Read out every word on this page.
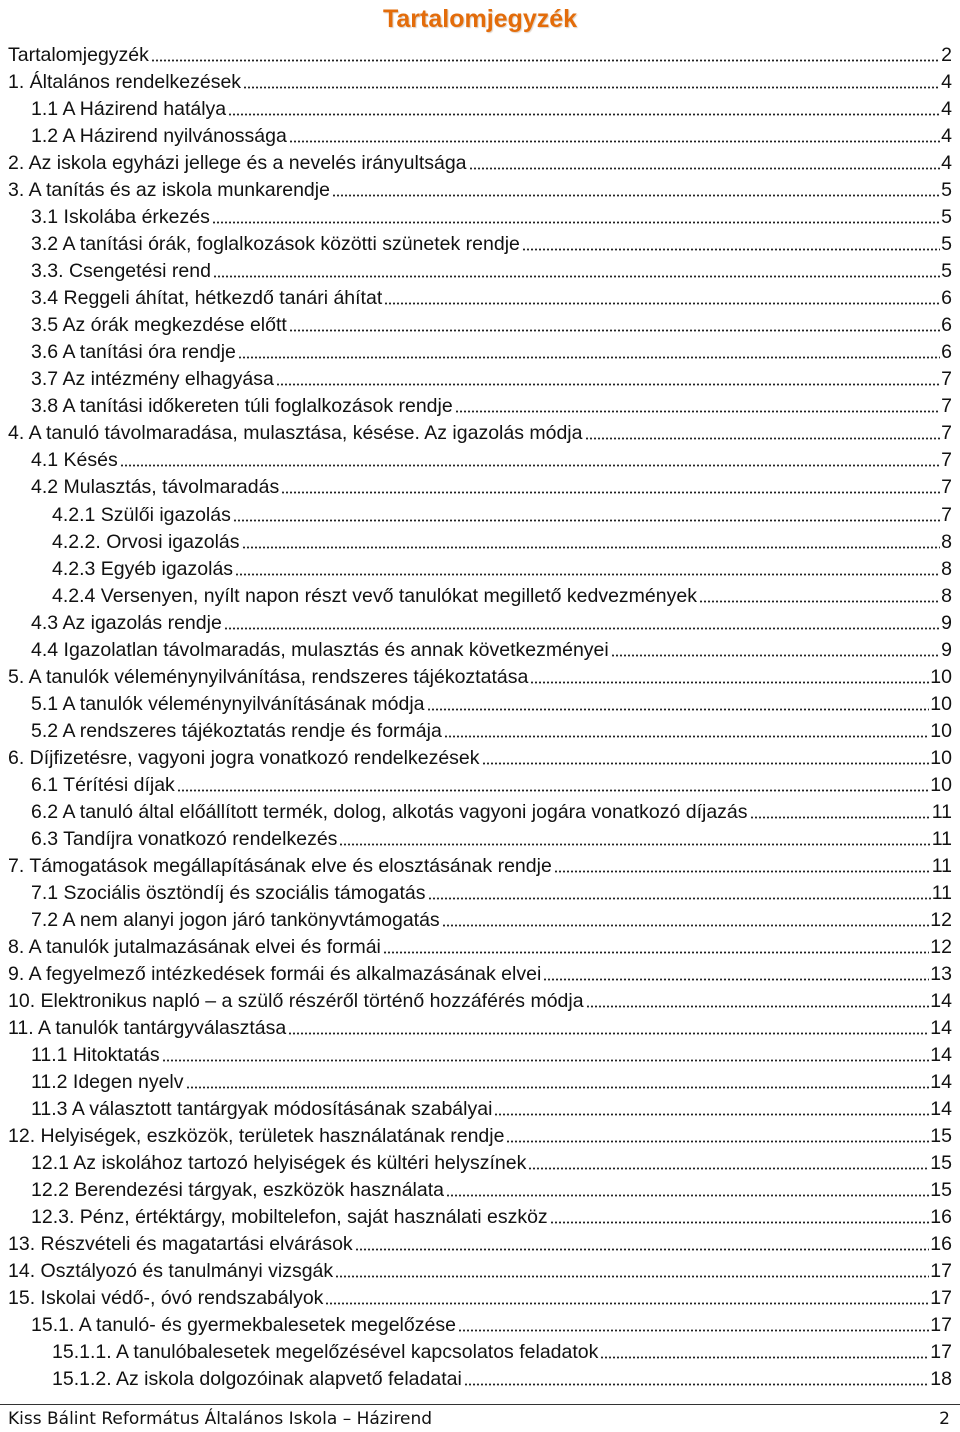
Tartalomjegyzék
Tartalomjegyzék	2
1. Általános rendelkezések	4
1.1 A Házirend hatálya	4
1.2 A Házirend nyilvánossága	4
2. Az iskola egyházi jellege és a nevelés irányultsága	4
3. A tanítás és az iskola munkarendje	5
3.1 Iskolába érkezés	5
3.2 A tanítási órák, foglalkozások közötti szünetek rendje	5
3.3. Csengetési rend	5
3.4 Reggeli áhítat, hétkezdő tanári áhítat	6
3.5 Az órák megkezdése előtt	6
3.6 A tanítási óra rendje	6
3.7 Az intézmény elhagyása	7
3.8 A tanítási időkereten túli foglalkozások rendje	7
4. A tanuló távolmaradása, mulasztása, késése. Az igazolás módja	7
4.1 Késés	7
4.2 Mulasztás, távolmaradás	7
4.2.1 Szülői igazolás	7
4.2.2. Orvosi igazolás	8
4.2.3 Egyéb igazolás	8
4.2.4 Versenyen, nyílt napon részt vevő tanulókat megillető kedvezmények	8
4.3 Az igazolás rendje	9
4.4 Igazolatlan távolmaradás, mulasztás és annak következményei	9
5. A tanulók véleménynyilvánítása, rendszeres tájékoztatása	10
5.1 A tanulók véleménynyilvánításának módja	10
5.2 A rendszeres tájékoztatás rendje és formája	10
6. Díjfizetésre, vagyoni jogra vonatkozó rendelkezések	10
6.1 Térítési díjak	10
6.2 A tanuló által előállított termék, dolog, alkotás vagyoni jogára vonatkozó díjazás	11
6.3 Tandíjra vonatkozó rendelkezés	11
7. Támogatások megállapításának elve és elosztásának rendje	11
7.1 Szociális ösztöndíj és szociális támogatás	11
7.2 A nem alanyi jogon járó tankönyvtámogatás	12
8. A tanulók jutalmazásának elvei és formái	12
9. A fegyelmező intézkedések formái és alkalmazásának elvei	13
10. Elektronikus napló – a szülő részéről történő hozzáférés módja	14
11. A tanulók tantárgyválasztása	14
11.1 Hitoktatás	14
11.2 Idegen nyelv	14
11.3 A választott tantárgyak módosításának szabályai	14
12. Helyiségek, eszközök, területek használatának rendje	15
12.1 Az iskolához tartozó helyiségek és kültéri helyszínek	15
12.2 Berendezési tárgyak, eszközök használata	15
12.3. Pénz, értéktárgy, mobiltelefon, saját használati eszköz	16
13. Részvételi és magatartási elvárások	16
14. Osztályozó és tanulmányi vizsgák	17
15. Iskolai védő-, óvó rendszabályok	17
15.1. A tanuló- és gyermekbalesetek megelőzése	17
15.1.1. A tanulóbalesetek megelőzésével kapcsolatos feladatok	17
15.1.2. Az iskola dolgozóinak alapvető feladatai	18
Kiss Bálint Református Általános Iskola – Házirend	2
